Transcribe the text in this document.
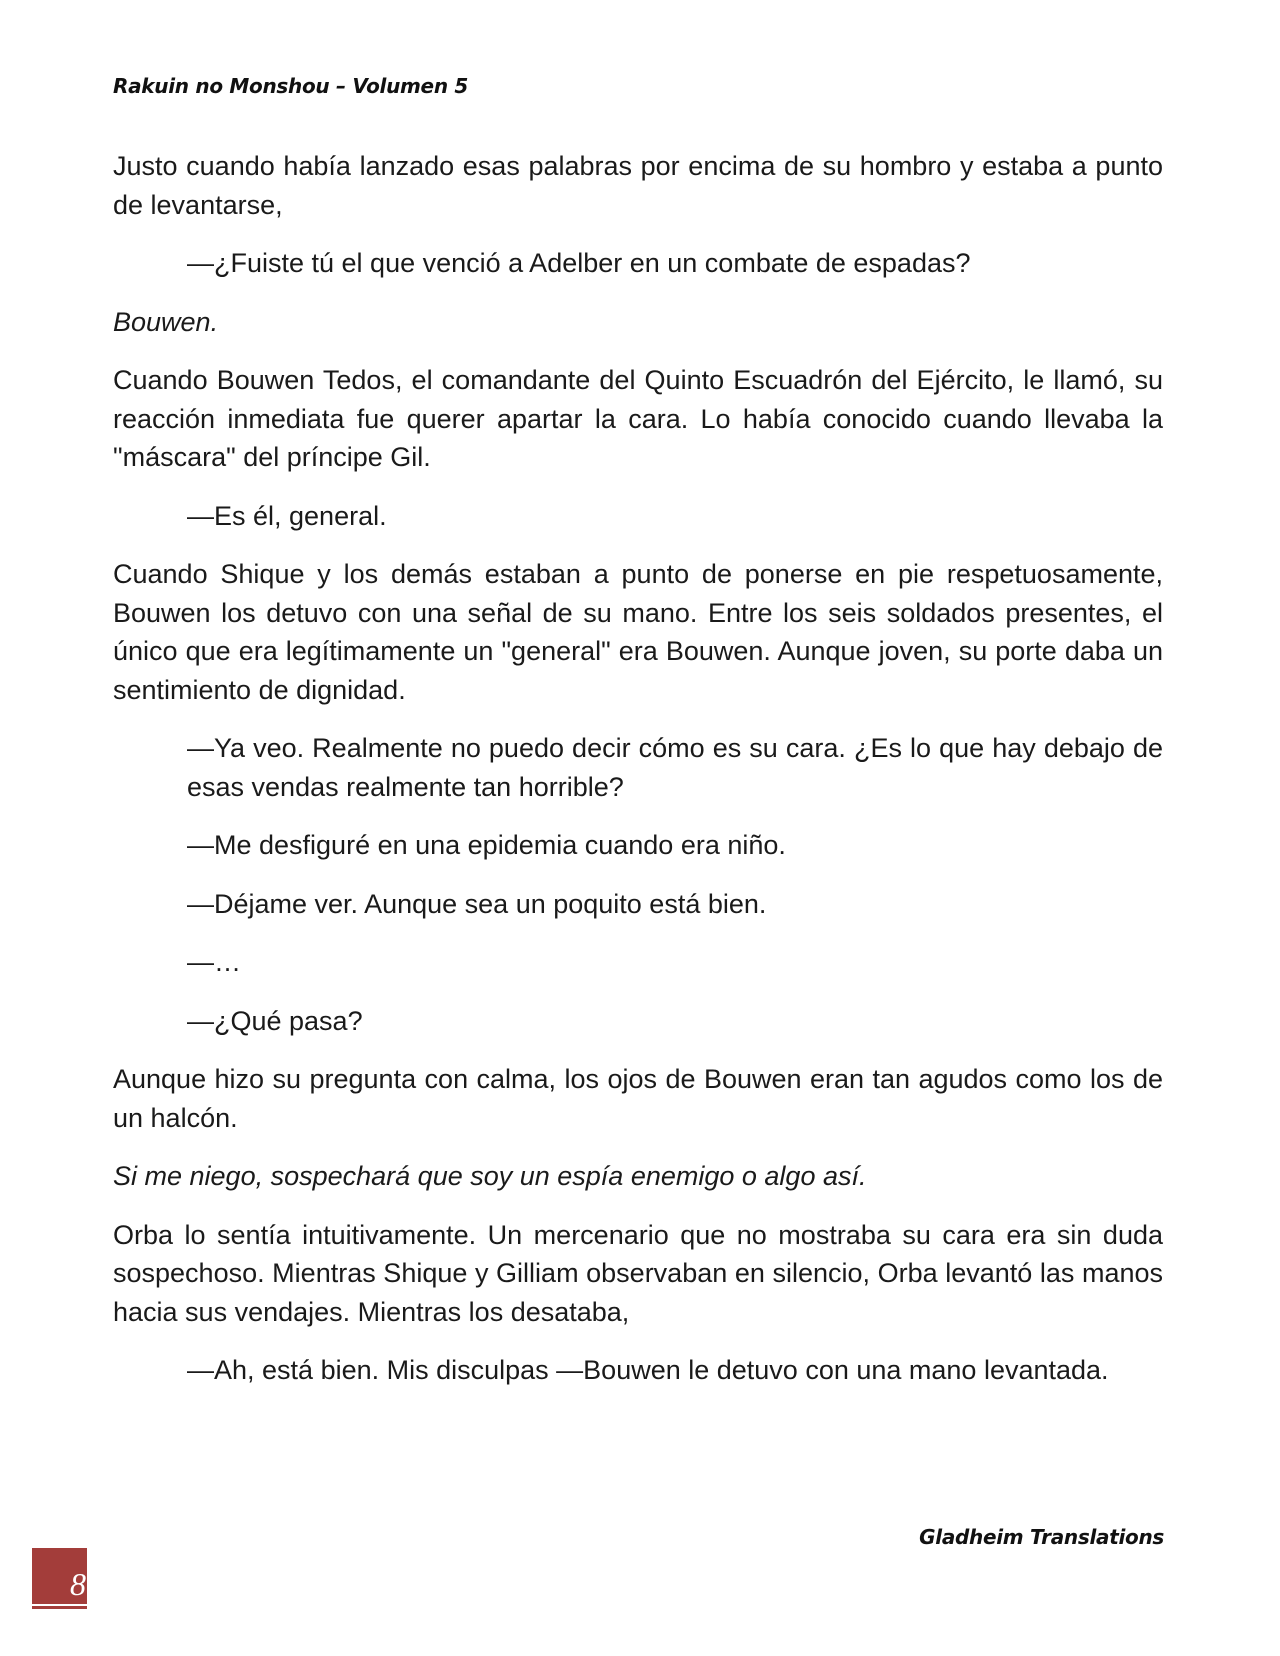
Rakuin no Monshou – Volumen 5

Justo cuando había lanzado esas palabras por encima de su hombro y estaba a punto de levantarse,

—¿Fuiste tú el que venció a Adelber en un combate de espadas?

Bouwen.

Cuando Bouwen Tedos, el comandante del Quinto Escuadrón del Ejército, le llamó, su reacción inmediata fue querer apartar la cara. Lo había conocido cuando llevaba la "máscara" del príncipe Gil.

—Es él, general.

Cuando Shique y los demás estaban a punto de ponerse en pie respetuosamente, Bouwen los detuvo con una señal de su mano. Entre los seis soldados presentes, el único que era legítimamente un "general" era Bouwen. Aunque joven, su porte daba un sentimiento de dignidad.

—Ya veo. Realmente no puedo decir cómo es su cara. ¿Es lo que hay debajo de esas vendas realmente tan horrible?

—Me desfiguré en una epidemia cuando era niño.

—Déjame ver. Aunque sea un poquito está bien.

—…

—¿Qué pasa?

Aunque hizo su pregunta con calma, los ojos de Bouwen eran tan agudos como los de un halcón.

Si me niego, sospechará que soy un espía enemigo o algo así.

Orba lo sentía intuitivamente. Un mercenario que no mostraba su cara era sin duda sospechoso. Mientras Shique y Gilliam observaban en silencio, Orba levantó las manos hacia sus vendajes. Mientras los desataba,

—Ah, está bien. Mis disculpas —Bouwen le detuvo con una mano levantada.

Gladheim Translations
8
